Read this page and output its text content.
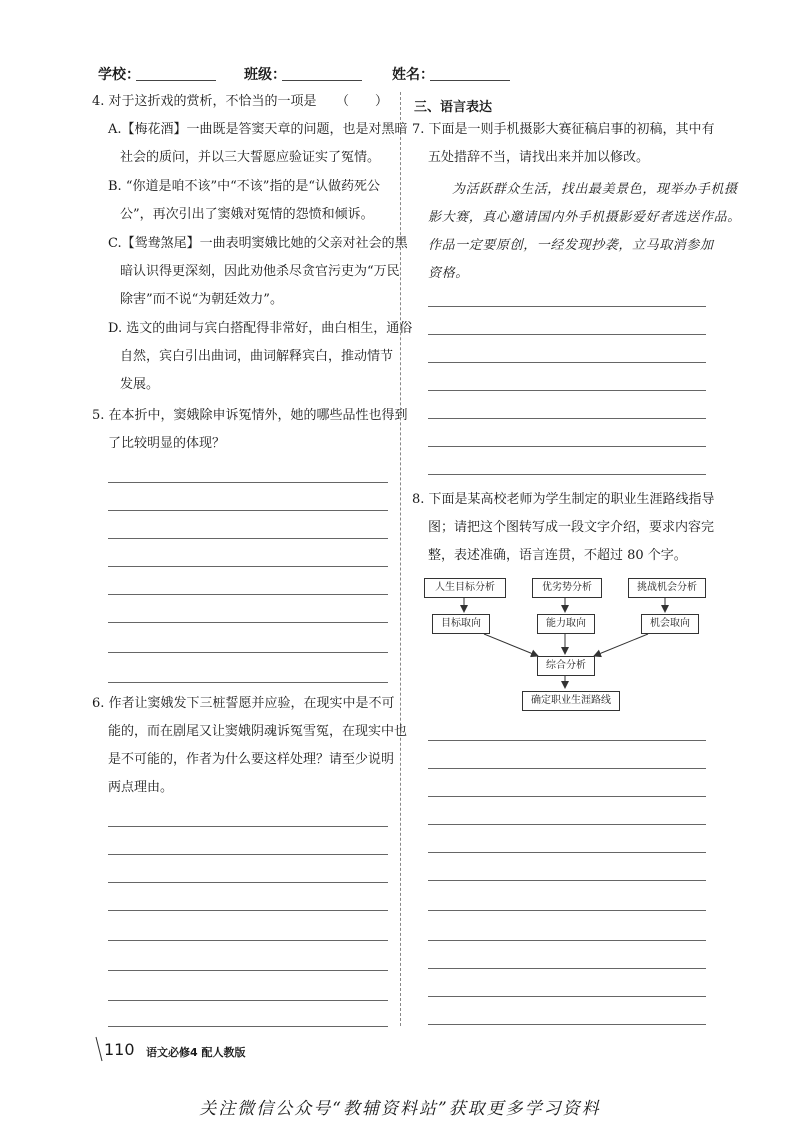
学校：	班级：	姓名：
4. 对于这折戏的赏析，不恰当的一项是 （　　）
A.【梅花酒】一曲既是答窦天章的问题，也是对黑暗
社会的质问，并以三大誓愿应验证实了冤情。
B. “你道是咱不该”中“不该”指的是“认做药死公
公”，再次引出了窦娥对冤情的怨愤和倾诉。
C.【鸳鸯煞尾】一曲表明窦娥比她的父亲对社会的黑
暗认识得更深刻，因此劝他杀尽贪官污吏为“万民
除害”而不说“为朝廷效力”。
D. 选文的曲词与宾白搭配得非常好，曲白相生，通俗
自然，宾白引出曲词，曲词解释宾白，推动情节
发展。
5. 在本折中，窦娥除申诉冤情外，她的哪些品性也得到
了比较明显的体现？
6. 作者让窦娥发下三桩誓愿并应验，在现实中是不可
能的，而在剧尾又让窦娥阴魂诉冤雪冤，在现实中也
是不可能的，作者为什么要这样处理？请至少说明
两点理由。
三、语言表达
7. 下面是一则手机摄影大赛征稿启事的初稿，其中有
五处措辞不当，请找出来并加以修改。
为活跃群众生活，找出最美景色，现举办手机摄
影大赛，真心邀请国内外手机摄影爱好者选送作品。
作品一定要原创，一经发现抄袭，立马取消参加
资格。
8. 下面是某高校老师为学生制定的职业生涯路线指导
图；请把这个图转写成一段文字介绍，要求内容完
整，表述准确，语言连贯，不超过 80 个字。
人生目标分析	优劣势分析	挑战机会分析
目标取向	能力取向	机会取向
综合分析
确定职业生涯路线
110 语文必修4 配人教版
关注微信公众号“教辅资料站”获取更多学习资料
